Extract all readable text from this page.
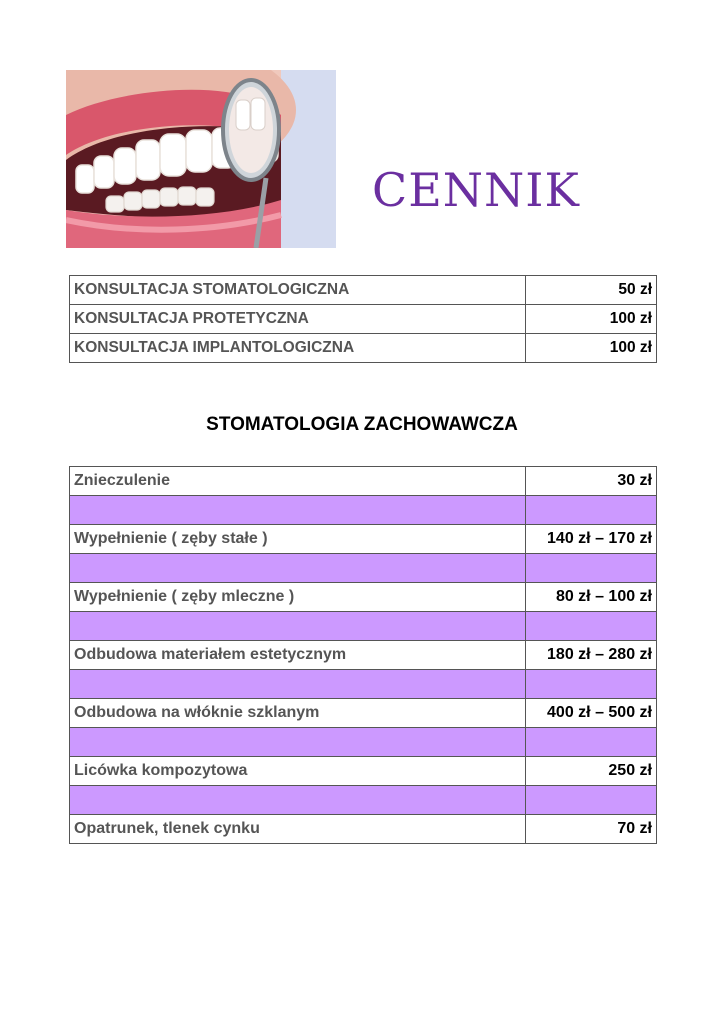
CENNIK
KONSULTACJA STOMATOLOGICZNA	50 zł
KONSULTACJA PROTETYCZNA	100 zł
KONSULTACJA IMPLANTOLOGICZNA	100 zł
STOMATOLOGIA ZACHOWAWCZA
Znieczulenie	30 zł

Wypełnienie ( zęby stałe )	140 zł – 170 zł

Wypełnienie ( zęby mleczne )	80 zł – 100 zł

Odbudowa materiałem estetycznym	180 zł – 280 zł

Odbudowa na włóknie szklanym	400 zł – 500 zł

Licówka kompozytowa	250 zł

Opatrunek, tlenek cynku	70 zł
